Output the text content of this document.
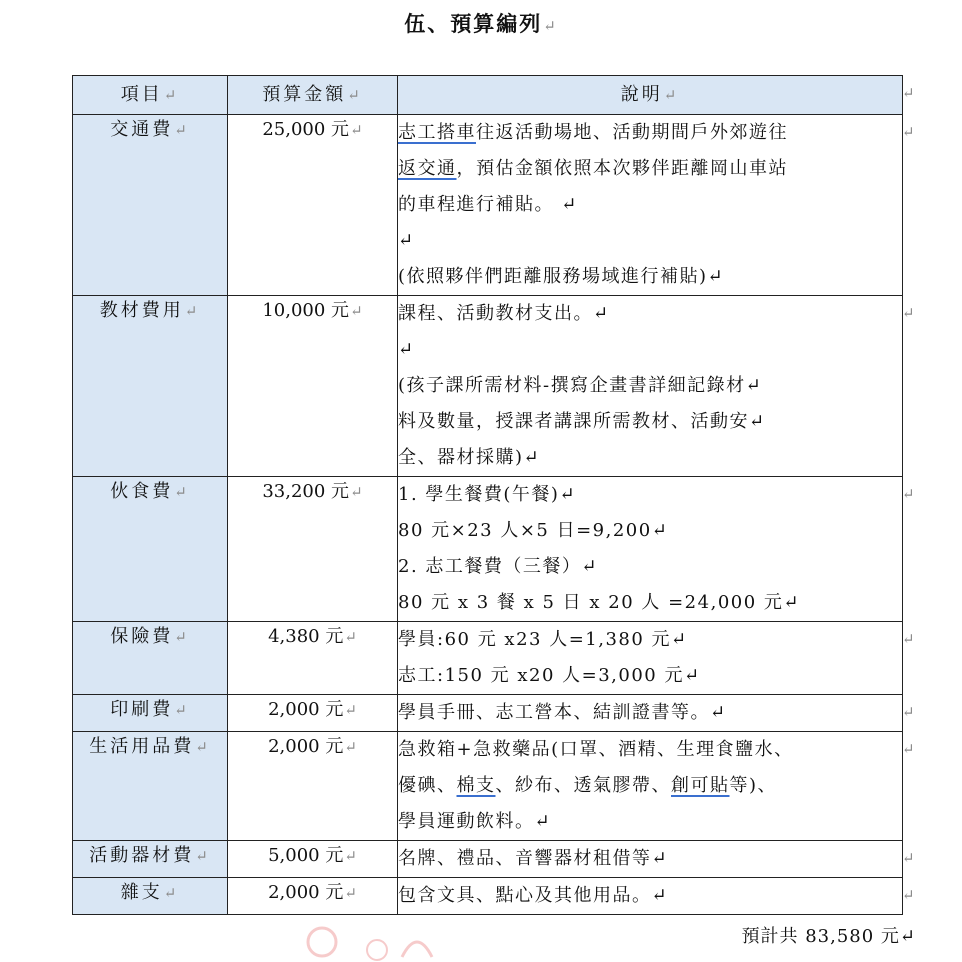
伍、預算編列↵
項目↵	預算金額↵	說明↵
交通費↵	25,000 元↵	志工搭車往返活動場地、活動期間戶外郊遊往
返交通，預估金額依照本次夥伴距離岡山車站
的車程進行補貼。 ↵
↵
(依照夥伴們距離服務場域進行補貼)↵

教材費用↵	10,000 元↵	課程、活動教材支出。↵
↵
(孩子課所需材料-撰寫企畫書詳細記錄材↵
料及數量，授課者講課所需教材、活動安↵
全、器材採購)↵

伙食費↵	33,200 元↵	1. 學生餐費(午餐)↵
80 元×23 人×5 日=9,200↵
2. 志工餐費（三餐）↵
80 元 x 3 餐 x 5 日 x 20 人 =24,000 元↵

保險費↵	4,380 元↵	學員:60 元 x23 人=1,380 元↵
志工:150 元 x20 人=3,000 元↵

印刷費↵	2,000 元↵	學員手冊、志工營本、結訓證書等。↵

生活用品費↵	2,000 元↵	急救箱+急救藥品(口罩、酒精、生理食鹽水、
優碘、棉支、紗布、透氣膠帶、創可貼等)、
學員運動飲料。↵

活動器材費↵	5,000 元↵	名牌、禮品、音響器材租借等↵

雜支↵	2,000 元↵	包含文具、點心及其他用品。↵
預計共 83,580 元↵
↵
↵
↵
↵
↵
↵
↵
↵
↵
